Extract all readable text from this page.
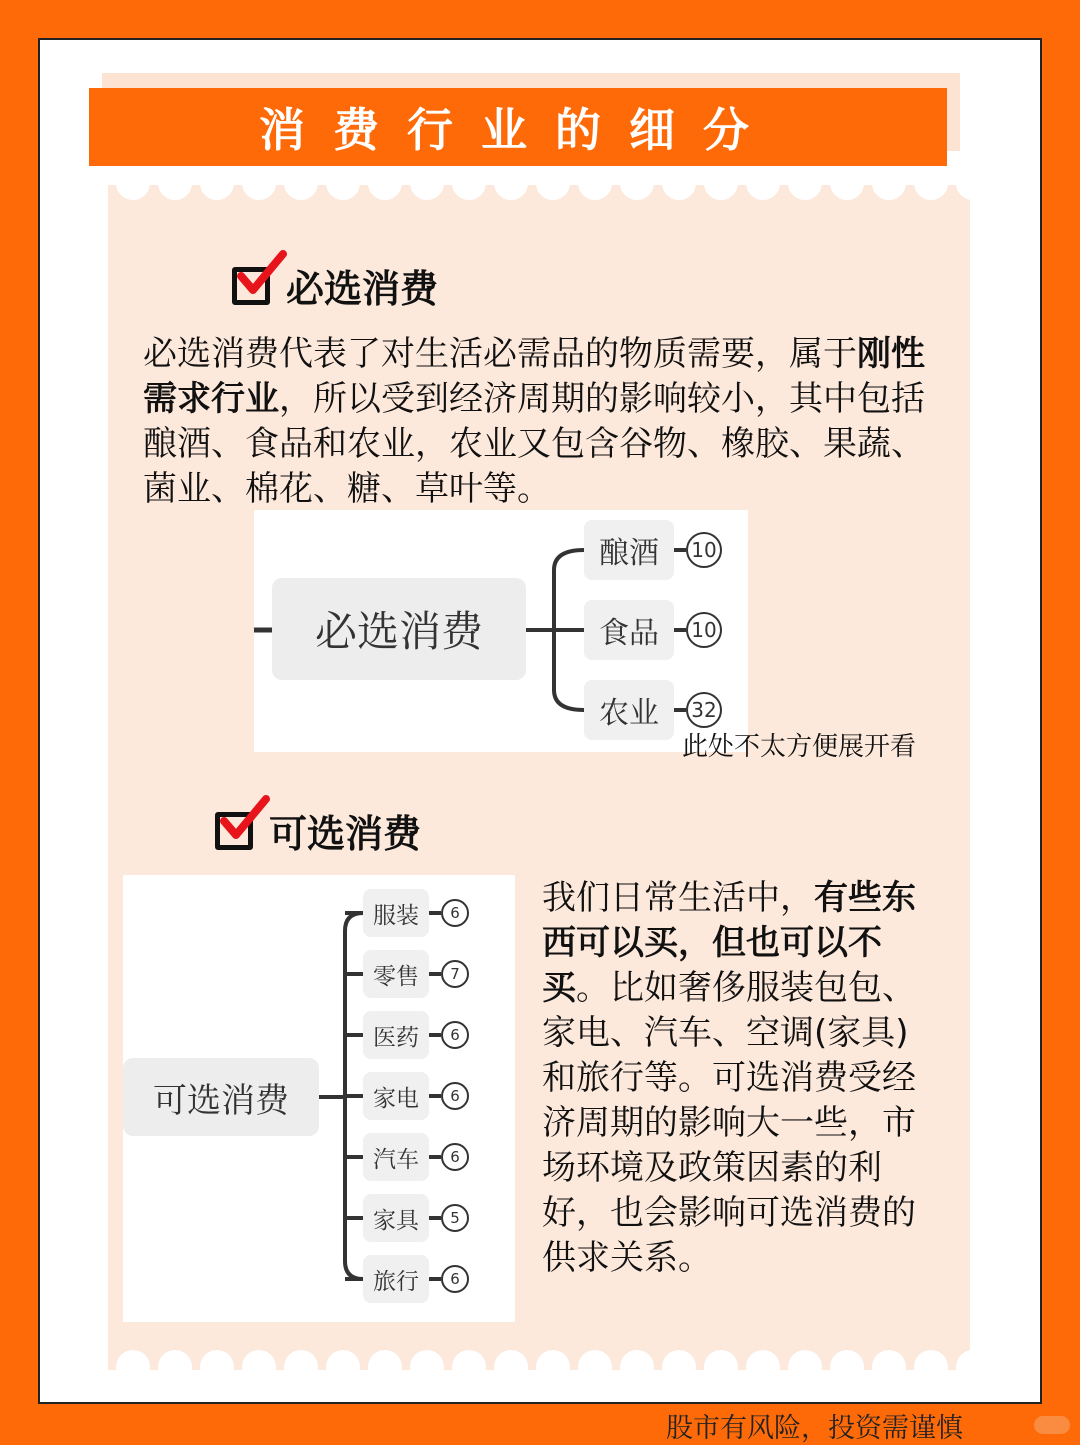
消费行业的细分
必选消费
必选消费代表了对生活必需品的物质需要，属于刚性需求行业，所以受到经济周期的影响较小，其中包括酿酒、食品和农业，农业又包含谷物、橡胶、果蔬、菌业、棉花、糖、草叶等。
必选消费
酿酒	10
食品	10
农业	32
此处不太方便展开看
可选消费
可选消费
服装	6
零售	7
医药	6
家电	6
汽车	6
家具	5
旅行	6
我们日常生活中，有些东西可以买，但也可以不买。比如奢侈服装包包、家电、汽车、空调(家具)和旅行等。可选消费受经济周期的影响大一些，市场环境及政策因素的利好，也会影响可选消费的供求关系。
股市有风险，投资需谨慎
